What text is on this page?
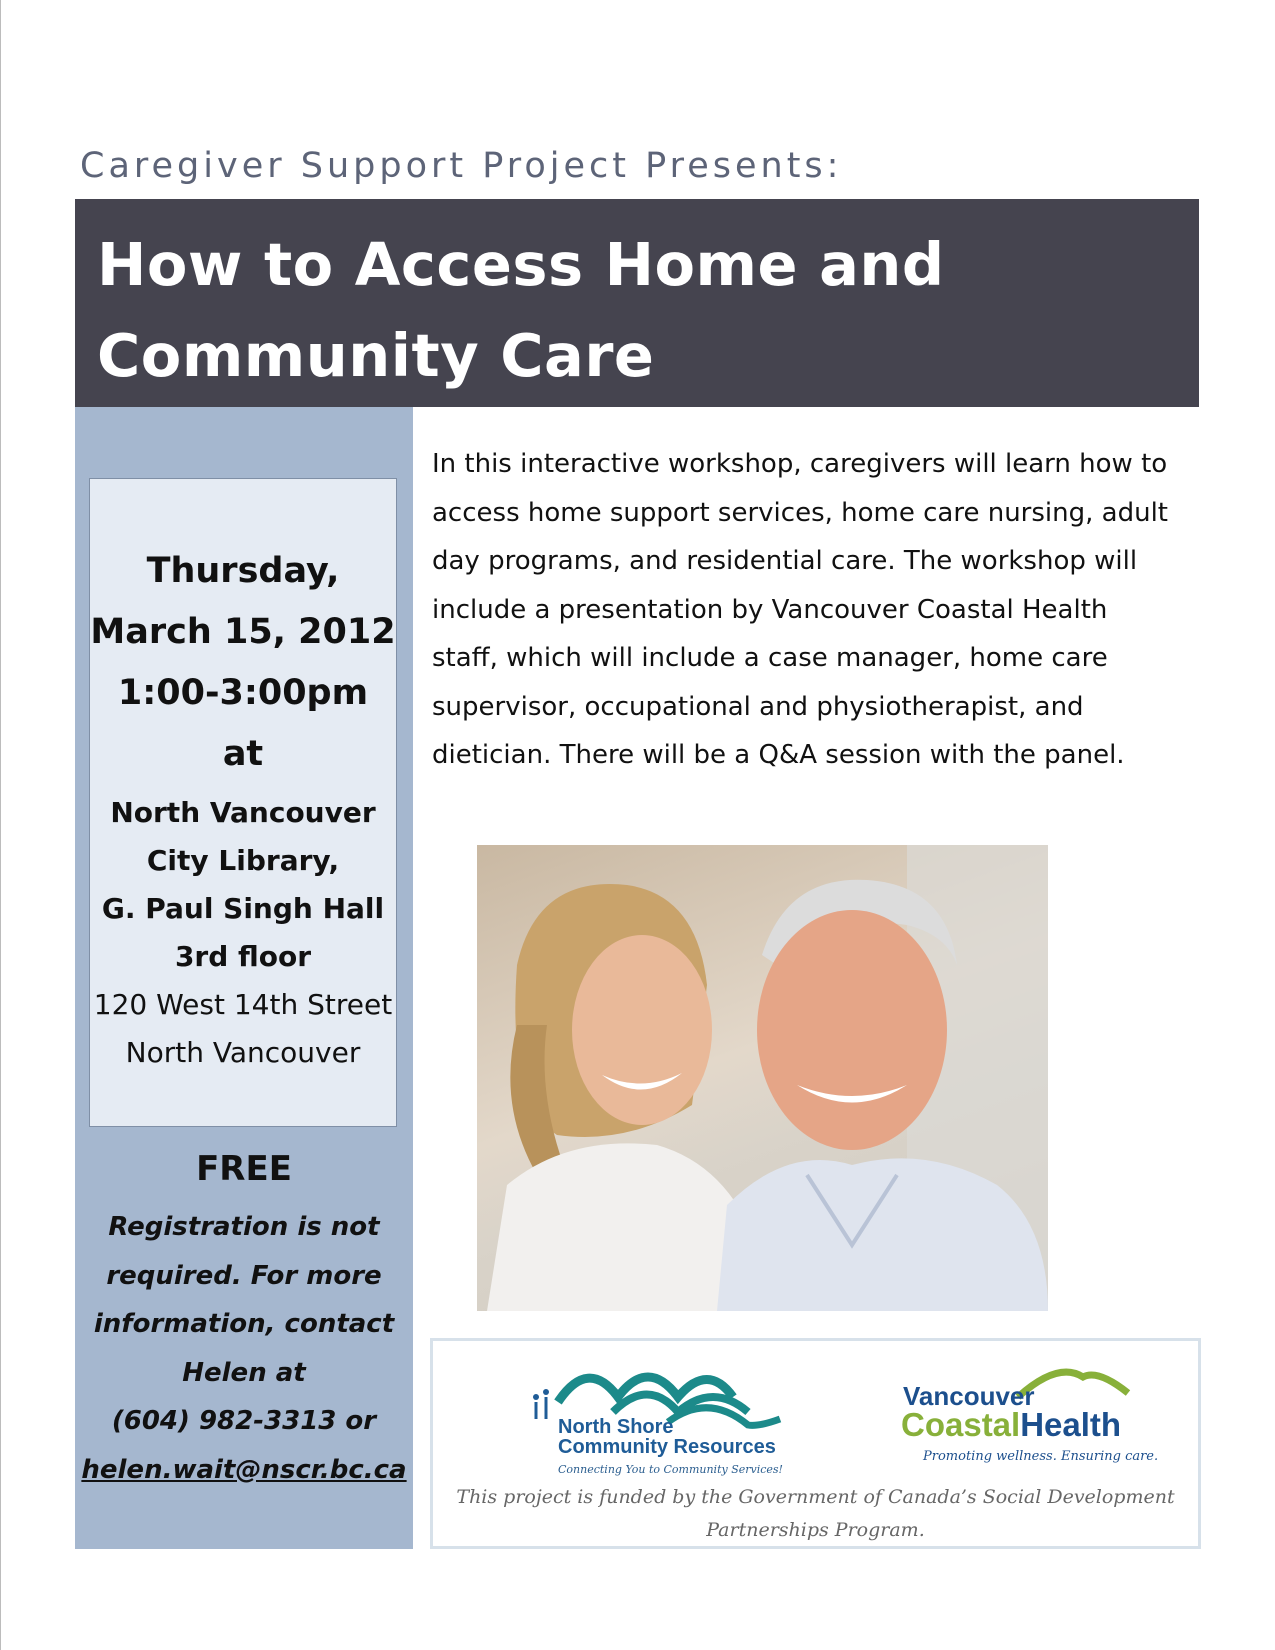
Caregiver Support Project Presents:
How to Access Home and
Community Care
Thursday,
March 15, 2012
1:00-3:00pm
at
North Vancouver
City Library,
G. Paul Singh Hall
3rd floor
120 West 14th Street
North Vancouver
FREE
Registration is not
required. For more
information, contact
Helen at
(604) 982-3313 or
helen.wait@nscr.bc.ca
In this interactive workshop, caregivers will learn how to
access home support services, home care nursing, adult
day programs, and residential care. The workshop will
include a presentation by Vancouver Coastal Health
staff, which will include a case manager, home care
supervisor, occupational and physiotherapist, and
dietician. There will be a Q&A session with the panel.
North Shore
Community Resources
Connecting You to Community Services!
Vancouver
CoastalHealth
Promoting wellness. Ensuring care.
This project is funded by the Government of Canada’s Social Development
Partnerships Program.
